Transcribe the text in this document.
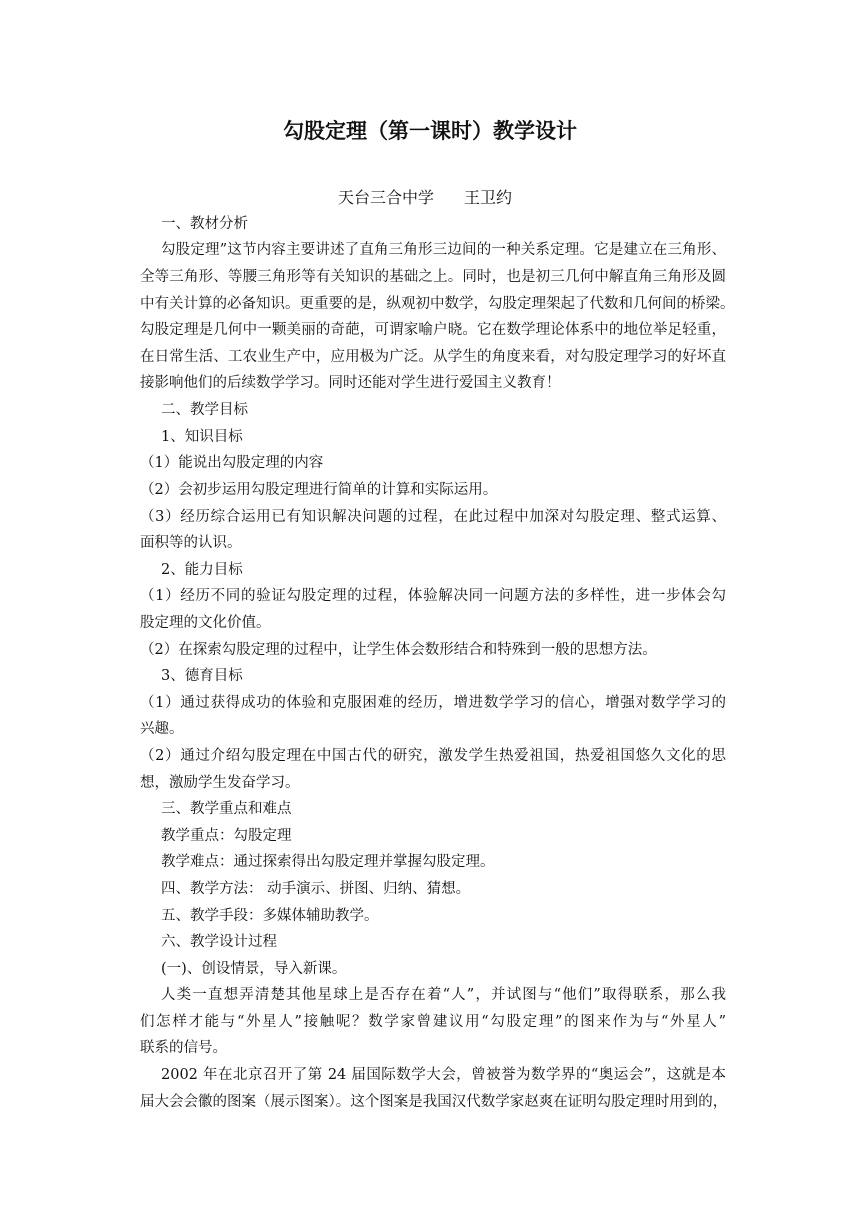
勾股定理（第一课时）教学设计
天台三合中学 王卫约
一、教材分析
勾股定理”这节内容主要讲述了直角三角形三边间的一种关系定理。它是建立在三角形、
全等三角形、等腰三角形等有关知识的基础之上。同时，也是初三几何中解直角三角形及圆
中有关计算的必备知识。更重要的是，纵观初中数学，勾股定理架起了代数和几何间的桥梁。
勾股定理是几何中一颗美丽的奇葩，可谓家喻户晓。它在数学理论体系中的地位举足轻重，
在日常生活、工农业生产中，应用极为广泛。从学生的角度来看，对勾股定理学习的好坏直
接影响他们的后续数学学习。同时还能对学生进行爱国主义教育！
二、教学目标
1、知识目标
（1）能说出勾股定理的内容
（2）会初步运用勾股定理进行简单的计算和实际运用。
（3）经历综合运用已有知识解决问题的过程，在此过程中加深对勾股定理、整式运算、
面积等的认识。
2、能力目标
（1）经历不同的验证勾股定理的过程，体验解决同一问题方法的多样性，进一步体会勾
股定理的文化价值。
（2）在探索勾股定理的过程中，让学生体会数形结合和特殊到一般的思想方法。
3、德育目标
（1）通过获得成功的体验和克服困难的经历，增进数学学习的信心，增强对数学学习的
兴趣。
（2）通过介绍勾股定理在中国古代的研究，激发学生热爱祖国，热爱祖国悠久文化的思
想，激励学生发奋学习。
三、教学重点和难点
教学重点：勾股定理
教学难点：通过探索得出勾股定理并掌握勾股定理。
四、教学方法： 动手演示、拼图、归纳、猜想。
五、教学手段：多媒体辅助教学。
六、教学设计过程
(一)、创设情景，导入新课。
人类一直想弄清楚其他星球上是否存在着“人”，并试图与“他们”取得联系，那么我
们怎样才能与“外星人”接触呢？数学家曾建议用“勾股定理”的图来作为与“外星人”
联系的信号。
2002 年在北京召开了第 24 届国际数学大会，曾被誉为数学界的“奥运会”，这就是本
届大会会徽的图案（展示图案）。这个图案是我国汉代数学家赵爽在证明勾股定理时用到的，
